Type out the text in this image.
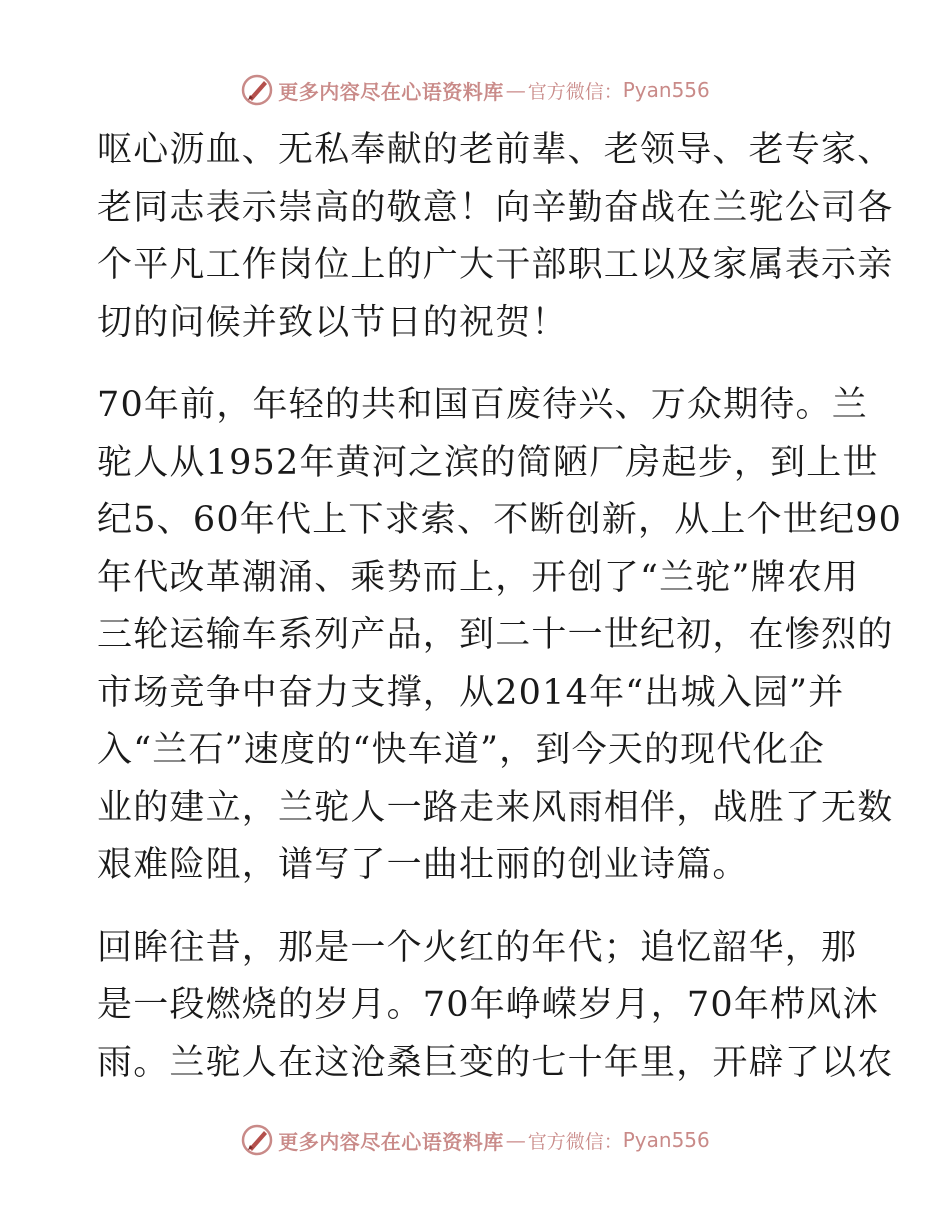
更多内容尽在心语资料库 — 官方微信： Pyan556
呕心沥血、无私奉献的老前辈、老领导、老专家、
老同志表示崇高的敬意！向辛勤奋战在兰驼公司各
个平凡工作岗位上的广大干部职工以及家属表示亲
切的问候并致以节日的祝贺！
70年前，年轻的共和国百废待兴、万众期待。兰
驼人从1952年黄河之滨的简陋厂房起步，到上世
纪5、60年代上下求索、不断创新，从上个世纪90
年代改革潮涌、乘势而上，开创了“兰驼”牌农用
三轮运输车系列产品，到二十一世纪初，在惨烈的
市场竞争中奋力支撑，从2014年“出城入园”并
入“兰石”速度的“快车道”，到今天的现代化企
业的建立，兰驼人一路走来风雨相伴，战胜了无数
艰难险阻，谱写了一曲壮丽的创业诗篇。
回眸往昔，那是一个火红的年代；追忆韶华，那
是一段燃烧的岁月。70年峥嵘岁月，70年栉风沐
雨。兰驼人在这沧桑巨变的七十年里，开辟了以农
更多内容尽在心语资料库 — 官方微信： Pyan556
